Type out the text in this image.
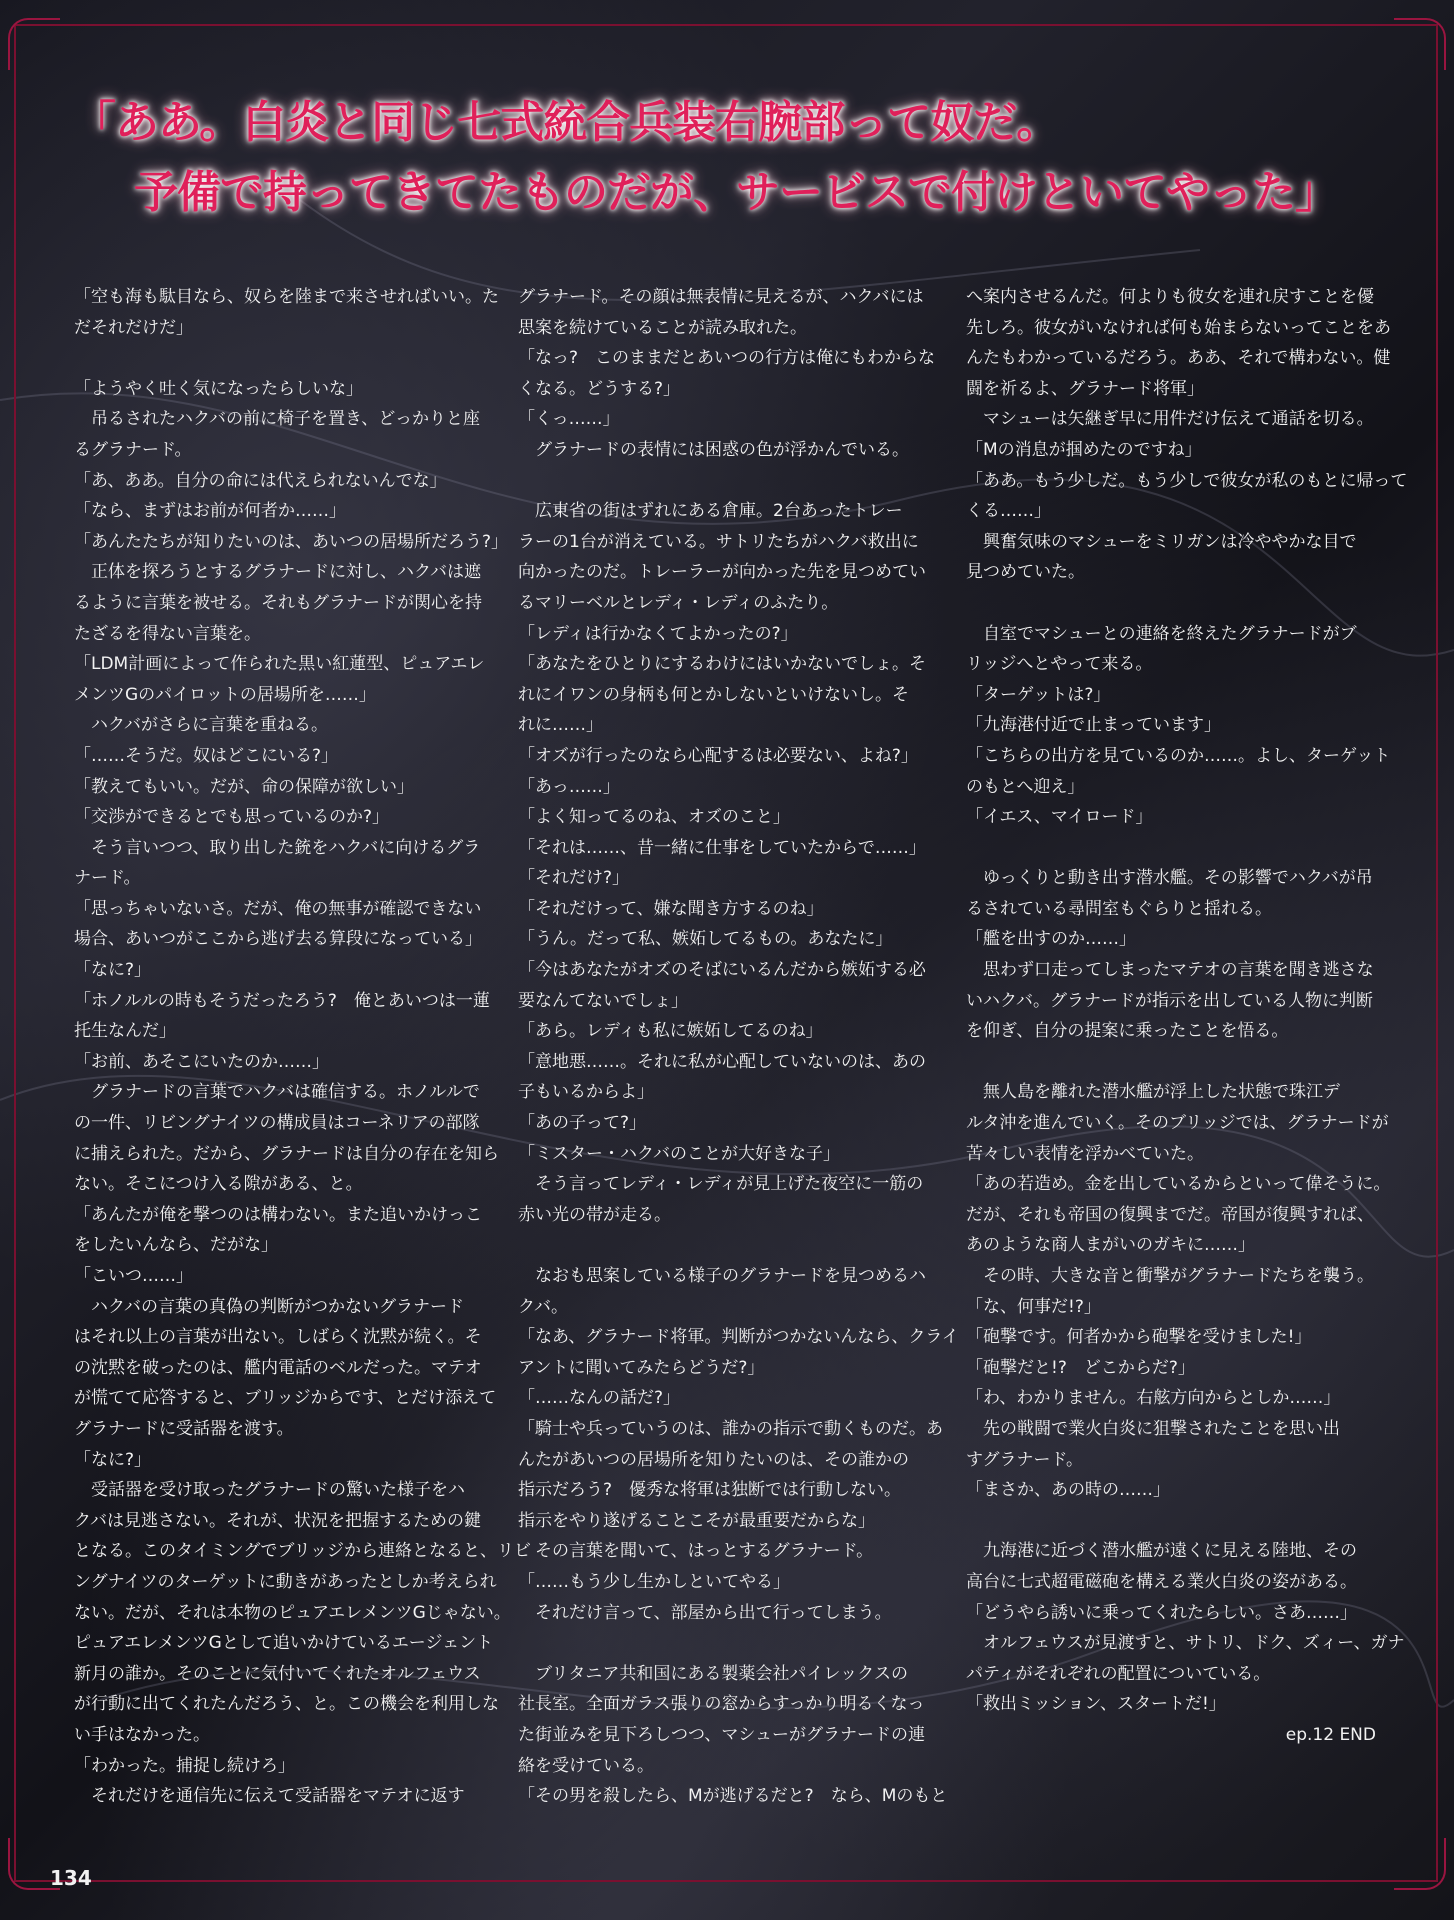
「ああ。白炎と同じ七式統合兵装右腕部って奴だ。
予備で持ってきてたものだが、サービスで付けといてやった」
「空も海も駄目なら、奴らを陸まで来させればいい。た
だそれだけだ」
「ようやく吐く気になったらしいな」
　吊るされたハクバの前に椅子を置き、どっかりと座
るグラナード。
「あ、ああ。自分の命には代えられないんでな」
「なら、まずはお前が何者か……」
「あんたたちが知りたいのは、あいつの居場所だろう?」
　正体を探ろうとするグラナードに対し、ハクバは遮
るように言葉を被せる。それもグラナードが関心を持
たざるを得ない言葉を。
「LDM計画によって作られた黒い紅蓮型、ピュアエレ
メンツGのパイロットの居場所を……」
　ハクバがさらに言葉を重ねる。
「……そうだ。奴はどこにいる?」
「教えてもいい。だが、命の保障が欲しい」
「交渉ができるとでも思っているのか?」
　そう言いつつ、取り出した銃をハクバに向けるグラ
ナード。
「思っちゃいないさ。だが、俺の無事が確認できない
場合、あいつがここから逃げ去る算段になっている」
「なに?」
「ホノルルの時もそうだったろう?　俺とあいつは一蓮
托生なんだ」
「お前、あそこにいたのか……」
　グラナードの言葉でハクバは確信する。ホノルルで
の一件、リビングナイツの構成員はコーネリアの部隊
に捕えられた。だから、グラナードは自分の存在を知ら
ない。そこにつけ入る隙がある、と。
「あんたが俺を撃つのは構わない。また追いかけっこ
をしたいんなら、だがな」
「こいつ……」
　ハクバの言葉の真偽の判断がつかないグラナード
はそれ以上の言葉が出ない。しばらく沈黙が続く。そ
の沈黙を破ったのは、艦内電話のベルだった。マテオ
が慌てて応答すると、ブリッジからです、とだけ添えて
グラナードに受話器を渡す。
「なに?」
　受話器を受け取ったグラナードの驚いた様子をハ
クバは見逃さない。それが、状況を把握するための鍵
となる。このタイミングでブリッジから連絡となると、リビ
ングナイツのターゲットに動きがあったとしか考えられ
ない。だが、それは本物のピュアエレメンツGじゃない。
ピュアエレメンツGとして追いかけているエージェント
新月の誰か。そのことに気付いてくれたオルフェウス
が行動に出てくれたんだろう、と。この機会を利用しな
い手はなかった。
「わかった。捕捉し続けろ」
　それだけを通信先に伝えて受話器をマテオに返す
グラナード。その顔は無表情に見えるが、ハクバには
思案を続けていることが読み取れた。
「なっ?　このままだとあいつの行方は俺にもわからな
くなる。どうする?」
「くっ……」
　グラナードの表情には困惑の色が浮かんでいる。
　広東省の街はずれにある倉庫。2台あったトレー
ラーの1台が消えている。サトリたちがハクバ救出に
向かったのだ。トレーラーが向かった先を見つめてい
るマリーベルとレディ・レディのふたり。
「レディは行かなくてよかったの?」
「あなたをひとりにするわけにはいかないでしょ。そ
れにイワンの身柄も何とかしないといけないし。そ
れに……」
「オズが行ったのなら心配するは必要ない、よね?」
「あっ……」
「よく知ってるのね、オズのこと」
「それは……、昔一緒に仕事をしていたからで……」
「それだけ?」
「それだけって、嫌な聞き方するのね」
「うん。だって私、嫉妬してるもの。あなたに」
「今はあなたがオズのそばにいるんだから嫉妬する必
要なんてないでしょ」
「あら。レディも私に嫉妬してるのね」
「意地悪……。それに私が心配していないのは、あの
子もいるからよ」
「あの子って?」
「ミスター・ハクバのことが大好きな子」
　そう言ってレディ・レディが見上げた夜空に一筋の
赤い光の帯が走る。
　なおも思案している様子のグラナードを見つめるハ
クバ。
「なあ、グラナード将軍。判断がつかないんなら、クライ
アントに聞いてみたらどうだ?」
「……なんの話だ?」
「騎士や兵っていうのは、誰かの指示で動くものだ。あ
んたがあいつの居場所を知りたいのは、その誰かの
指示だろう?　優秀な将軍は独断では行動しない。
指示をやり遂げることこそが最重要だからな」
　その言葉を聞いて、はっとするグラナード。
「……もう少し生かしといてやる」
　それだけ言って、部屋から出て行ってしまう。
　ブリタニア共和国にある製薬会社パイレックスの
社長室。全面ガラス張りの窓からすっかり明るくなっ
た街並みを見下ろしつつ、マシューがグラナードの連
絡を受けている。
「その男を殺したら、Mが逃げるだと?　なら、Mのもと
へ案内させるんだ。何よりも彼女を連れ戻すことを優
先しろ。彼女がいなければ何も始まらないってことをあ
んたもわかっているだろう。ああ、それで構わない。健
闘を祈るよ、グラナード将軍」
　マシューは矢継ぎ早に用件だけ伝えて通話を切る。
「Mの消息が掴めたのですね」
「ああ。もう少しだ。もう少しで彼女が私のもとに帰って
くる……」
　興奮気味のマシューをミリガンは冷ややかな目で
見つめていた。
　自室でマシューとの連絡を終えたグラナードがブ
リッジへとやって来る。
「ターゲットは?」
「九海港付近で止まっています」
「こちらの出方を見ているのか……。よし、ターゲット
のもとへ迎え」
「イエス、マイロード」
　ゆっくりと動き出す潜水艦。その影響でハクバが吊
るされている尋問室もぐらりと揺れる。
「艦を出すのか……」
　思わず口走ってしまったマテオの言葉を聞き逃さな
いハクバ。グラナードが指示を出している人物に判断
を仰ぎ、自分の提案に乗ったことを悟る。
　無人島を離れた潜水艦が浮上した状態で珠江デ
ルタ沖を進んでいく。そのブリッジでは、グラナードが
苦々しい表情を浮かべていた。
「あの若造め。金を出しているからといって偉そうに。
だが、それも帝国の復興までだ。帝国が復興すれば、
あのような商人まがいのガキに……」
　その時、大きな音と衝撃がグラナードたちを襲う。
「な、何事だ!?」
「砲撃です。何者かから砲撃を受けました!」
「砲撃だと!?　どこからだ?」
「わ、わかりません。右舷方向からとしか……」
　先の戦闘で業火白炎に狙撃されたことを思い出
すグラナード。
「まさか、あの時の……」
　九海港に近づく潜水艦が遠くに見える陸地、その
高台に七式超電磁砲を構える業火白炎の姿がある。
「どうやら誘いに乗ってくれたらしい。さあ……」
　オルフェウスが見渡すと、サトリ、ドク、ズィー、ガナ
パティがそれぞれの配置についている。
「救出ミッション、スタートだ!」
ep.12 END
134
